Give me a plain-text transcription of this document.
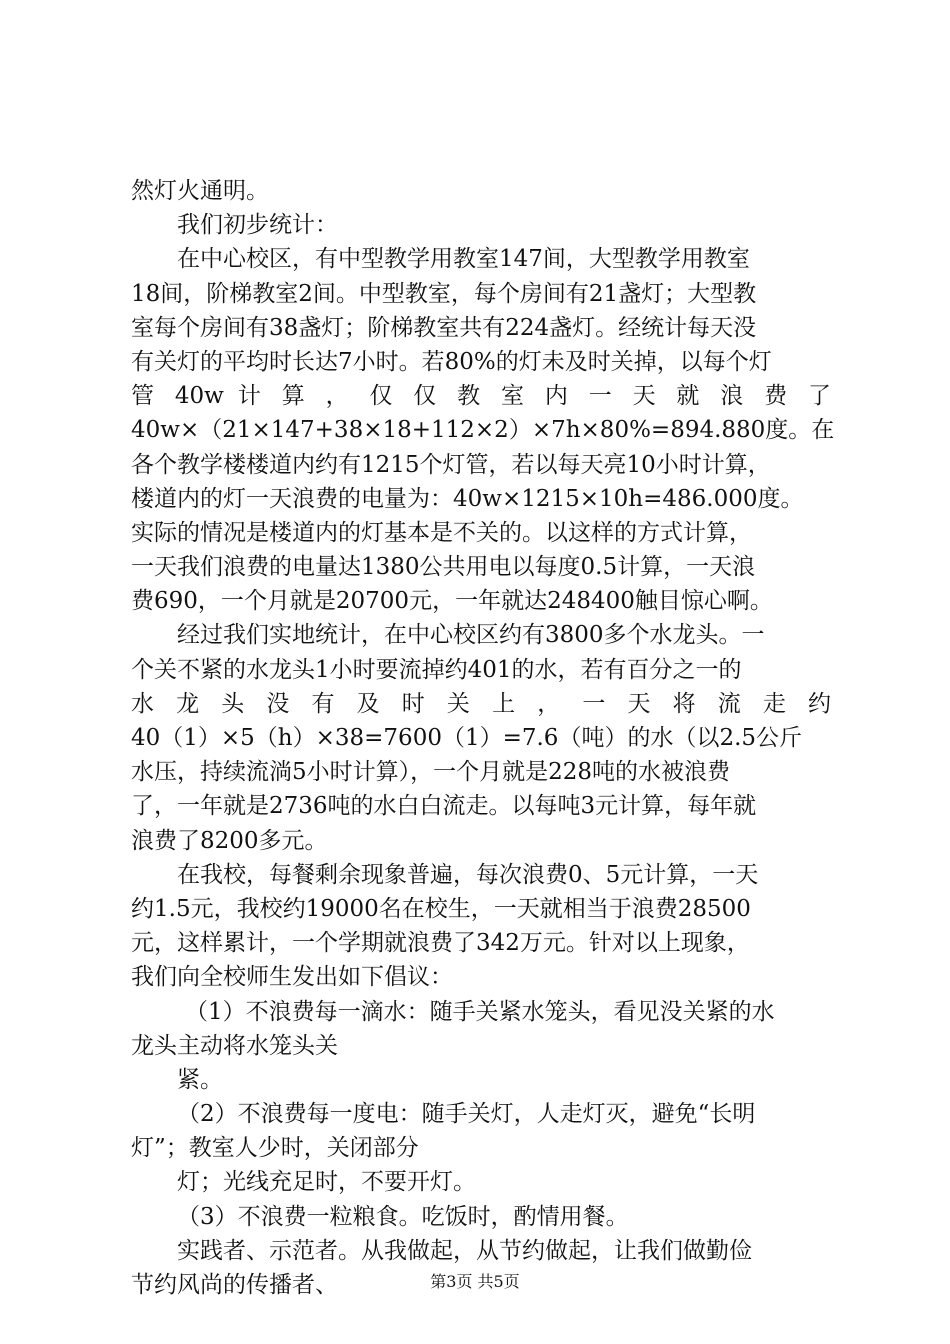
然灯火通明。
我们初步统计：
在中心校区，有中型教学用教室147间，大型教学用教室
18间，阶梯教室2间。中型教室，每个房间有21盏灯；大型教
室每个房间有38盏灯；阶梯教室共有224盏灯。经统计每天没
有关灯的平均时长达7小时。若80%的灯未及时关掉，以每个灯
管 40w 计 算 ， 仅 仅 教 室 内 一 天 就 浪 费 了
40w×（21×147+38×18+112×2）×7h×80%=894.880度。在
各个教学楼楼道内约有1215个灯管，若以每天亮10小时计算，
楼道内的灯一天浪费的电量为：40w×1215×10h=486.000度。
实际的情况是楼道内的灯基本是不关的。以这样的方式计算，
一天我们浪费的电量达1380公共用电以每度0.5计算，一天浪
费690，一个月就是20700元，一年就达248400触目惊心啊。
经过我们实地统计，在中心校区约有3800多个水龙头。一
个关不紧的水龙头1小时要流掉约401的水，若有百分之一的
水 龙 头 没 有 及 时 关 上 ， 一 天 将 流 走 约
40（1）×5（h）×38=7600（1）=7.6（吨）的水（以2.5公斤
水压，持续流淌5小时计算），一个月就是228吨的水被浪费
了，一年就是2736吨的水白白流走。以每吨3元计算，每年就
浪费了8200多元。
在我校，每餐剩余现象普遍，每次浪费0、5元计算，一天
约1.5元，我校约19000名在校生，一天就相当于浪费28500
元，这样累计，一个学期就浪费了342万元。针对以上现象，
我们向全校师生发出如下倡议：
（1）不浪费每一滴水：随手关紧水笼头，看见没关紧的水
龙头主动将水笼头关
紧。
（2）不浪费每一度电：随手关灯，人走灯灭，避免“长明
灯”；教室人少时，关闭部分
灯；光线充足时，不要开灯。
（3）不浪费一粒粮食。吃饭时，酌情用餐。
实践者、示范者。从我做起，从节约做起，让我们做勤俭
节约风尚的传播者、	第3页 共5页
